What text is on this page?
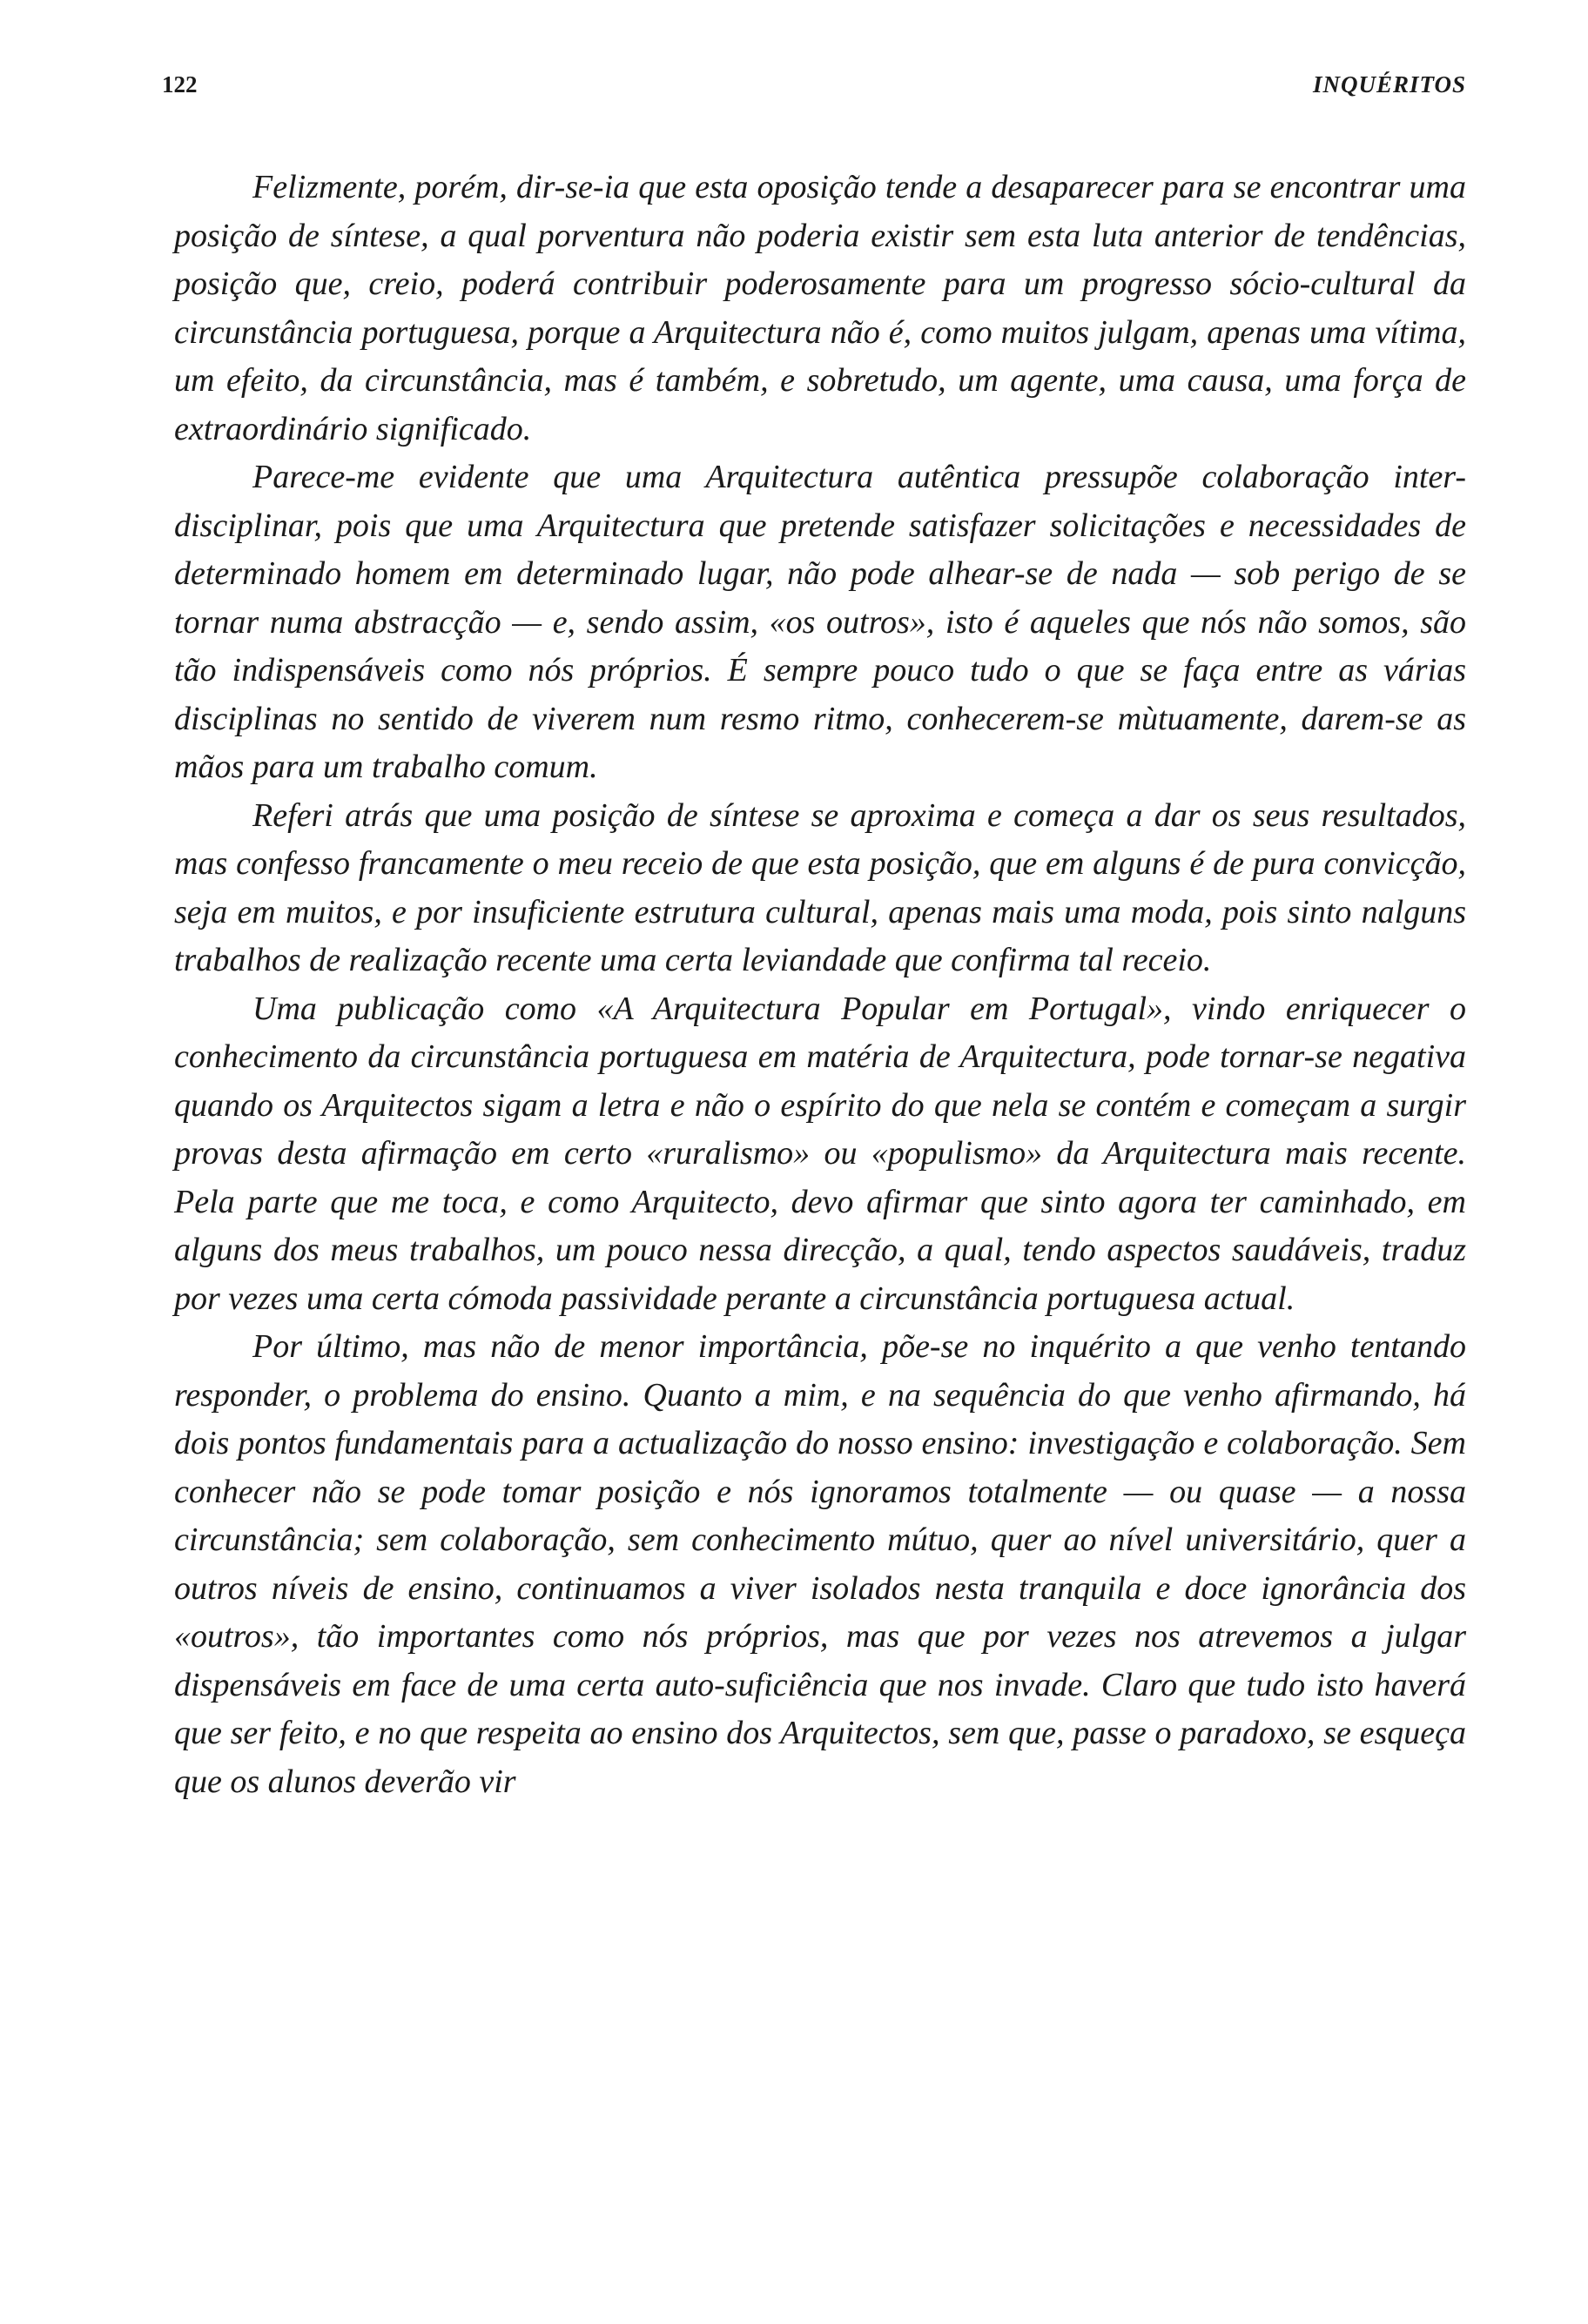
122	INQUÉRITOS

Felizmente, porém, dir-se-ia que esta oposição tende a desaparecer para se encontrar uma posição de síntese, a qual porventura não poderia existir sem esta luta anterior de tendências, posição que, creio, poderá contribuir poderosamente para um progresso sócio-cultural da circunstância portuguesa, porque a Arquitectura não é, como muitos julgam, apenas uma vítima, um efeito, da circunstância, mas é também, e sobretudo, um agente, uma causa, uma força de extraordinário significado.

Parece-me evidente que uma Arquitectura autêntica pressupõe colaboração inter-disciplinar, pois que uma Arquitectura que pretende satisfazer solicitações e necessidades de determinado homem em determinado lugar, não pode alhear-se de nada — sob perigo de se tornar numa abstracção — e, sendo assim, «os outros», isto é aqueles que nós não somos, são tão indispensáveis como nós próprios. É sempre pouco tudo o que se faça entre as várias disciplinas no sentido de viverem num resmo ritmo, conhecerem-se mùtuamente, darem-se as mãos para um trabalho comum.

Referi atrás que uma posição de síntese se aproxima e começa a dar os seus resultados, mas confesso francamente o meu receio de que esta posição, que em alguns é de pura convicção, seja em muitos, e por insuficiente estrutura cultural, apenas mais uma moda, pois sinto nalguns trabalhos de realização recente uma certa leviandade que confirma tal receio.

Uma publicação como «A Arquitectura Popular em Portugal», vindo enriquecer o conhecimento da circunstância portuguesa em matéria de Arquitectura, pode tornar-se negativa quando os Arquitectos sigam a letra e não o espírito do que nela se contém e começam a surgir provas desta afirmação em certo «ruralismo» ou «populismo» da Arquitectura mais recente. Pela parte que me toca, e como Arquitecto, devo afirmar que sinto agora ter caminhado, em alguns dos meus trabalhos, um pouco nessa direcção, a qual, tendo aspectos saudáveis, traduz por vezes uma certa cómoda passividade perante a circunstância portuguesa actual.

Por último, mas não de menor importância, põe-se no inquérito a que venho tentando responder, o problema do ensino. Quanto a mim, e na sequência do que venho afirmando, há dois pontos fundamentais para a actualização do nosso ensino: investigação e colaboração. Sem conhecer não se pode tomar posição e nós ignoramos totalmente — ou quase — a nossa circunstância; sem colaboração, sem conhecimento mútuo, quer ao nível universitário, quer a outros níveis de ensino, continuamos a viver isolados nesta tranquila e doce ignorância dos «outros», tão importantes como nós próprios, mas que por vezes nos atrevemos a julgar dispensáveis em face de uma certa auto-suficiência que nos invade. Claro que tudo isto haverá que ser feito, e no que respeita ao ensino dos Arquitectos, sem que, passe o paradoxo, se esqueça que os alunos deverão vir
